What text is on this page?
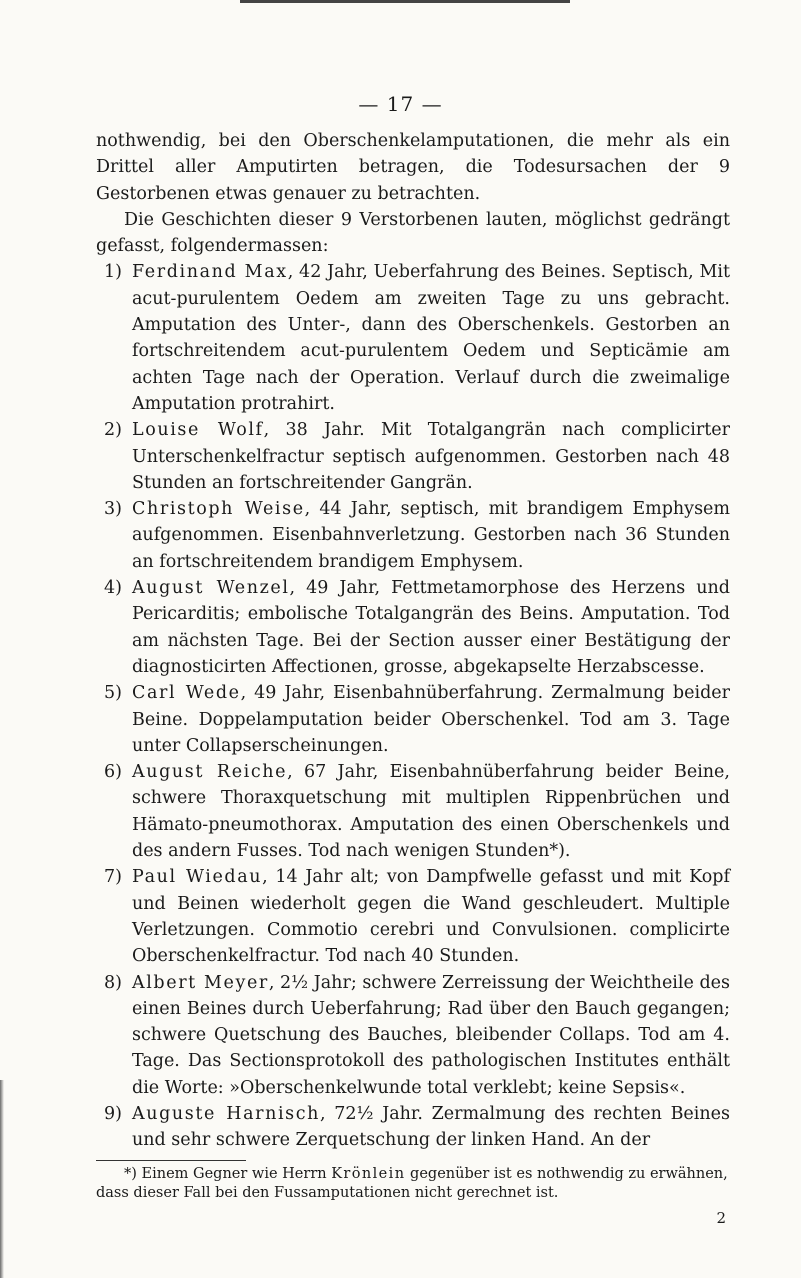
— 17 —

nothwendig, bei den Oberschenkelamputationen, die mehr als ein Drittel aller Amputirten betragen, die Todesursachen der 9 Gestorbenen etwas genauer zu betrachten.

Die Geschichten dieser 9 Verstorbenen lauten, möglichst gedrängt gefasst, folgendermassen:

1) Ferdinand Max, 42 Jahr, Ueberfahrung des Beines. Septisch, Mit acut-purulentem Oedem am zweiten Tage zu uns gebracht. Amputation des Unter-, dann des Oberschenkels. Gestorben an fortschreitendem acut-purulentem Oedem und Septicämie am achten Tage nach der Operation. Verlauf durch die zweimalige Amputation protrahirt.
2) Louise Wolf, 38 Jahr. Mit Totalgangrän nach complicirter Unterschenkelfractur septisch aufgenommen. Gestorben nach 48 Stunden an fortschreitender Gangrän.
3) Christoph Weise, 44 Jahr, septisch, mit brandigem Emphysem aufgenommen. Eisenbahnverletzung. Gestorben nach 36 Stunden an fortschreitendem brandigem Emphysem.
4) August Wenzel, 49 Jahr, Fettmetamorphose des Herzens und Pericarditis; embolische Totalgangrän des Beins. Amputation. Tod am nächsten Tage. Bei der Section ausser einer Bestätigung der diagnosticirten Affectionen, grosse, abgekapselte Herzabscesse.
5) Carl Wede, 49 Jahr, Eisenbahnüberfahrung. Zermalmung beider Beine. Doppelamputation beider Oberschenkel. Tod am 3. Tage unter Collapserscheinungen.
6) August Reiche, 67 Jahr, Eisenbahnüberfahrung beider Beine, schwere Thoraxquetschung mit multiplen Rippenbrüchen und Hämato-pneumothorax. Amputation des einen Oberschenkels und des andern Fusses. Tod nach wenigen Stunden*).
7) Paul Wiedau, 14 Jahr alt; von Dampfwelle gefasst und mit Kopf und Beinen wiederholt gegen die Wand geschleudert. Multiple Verletzungen. Commotio cerebri und Convulsionen. complicirte Oberschenkelfractur. Tod nach 40 Stunden.
8) Albert Meyer, 2½ Jahr; schwere Zerreissung der Weichtheile des einen Beines durch Ueberfahrung; Rad über den Bauch gegangen; schwere Quetschung des Bauches, bleibender Collaps. Tod am 4. Tage. Das Sectionsprotokoll des pathologischen Institutes enthält die Worte: »Oberschenkelwunde total verklebt; keine Sepsis«.
9) Auguste Harnisch, 72½ Jahr. Zermalmung des rechten Beines und sehr schwere Zerquetschung der linken Hand. An der

*) Einem Gegner wie Herrn Krönlein gegenüber ist es nothwendig zu erwähnen,

dass dieser Fall bei den Fussamputationen nicht gerechnet ist.

2
